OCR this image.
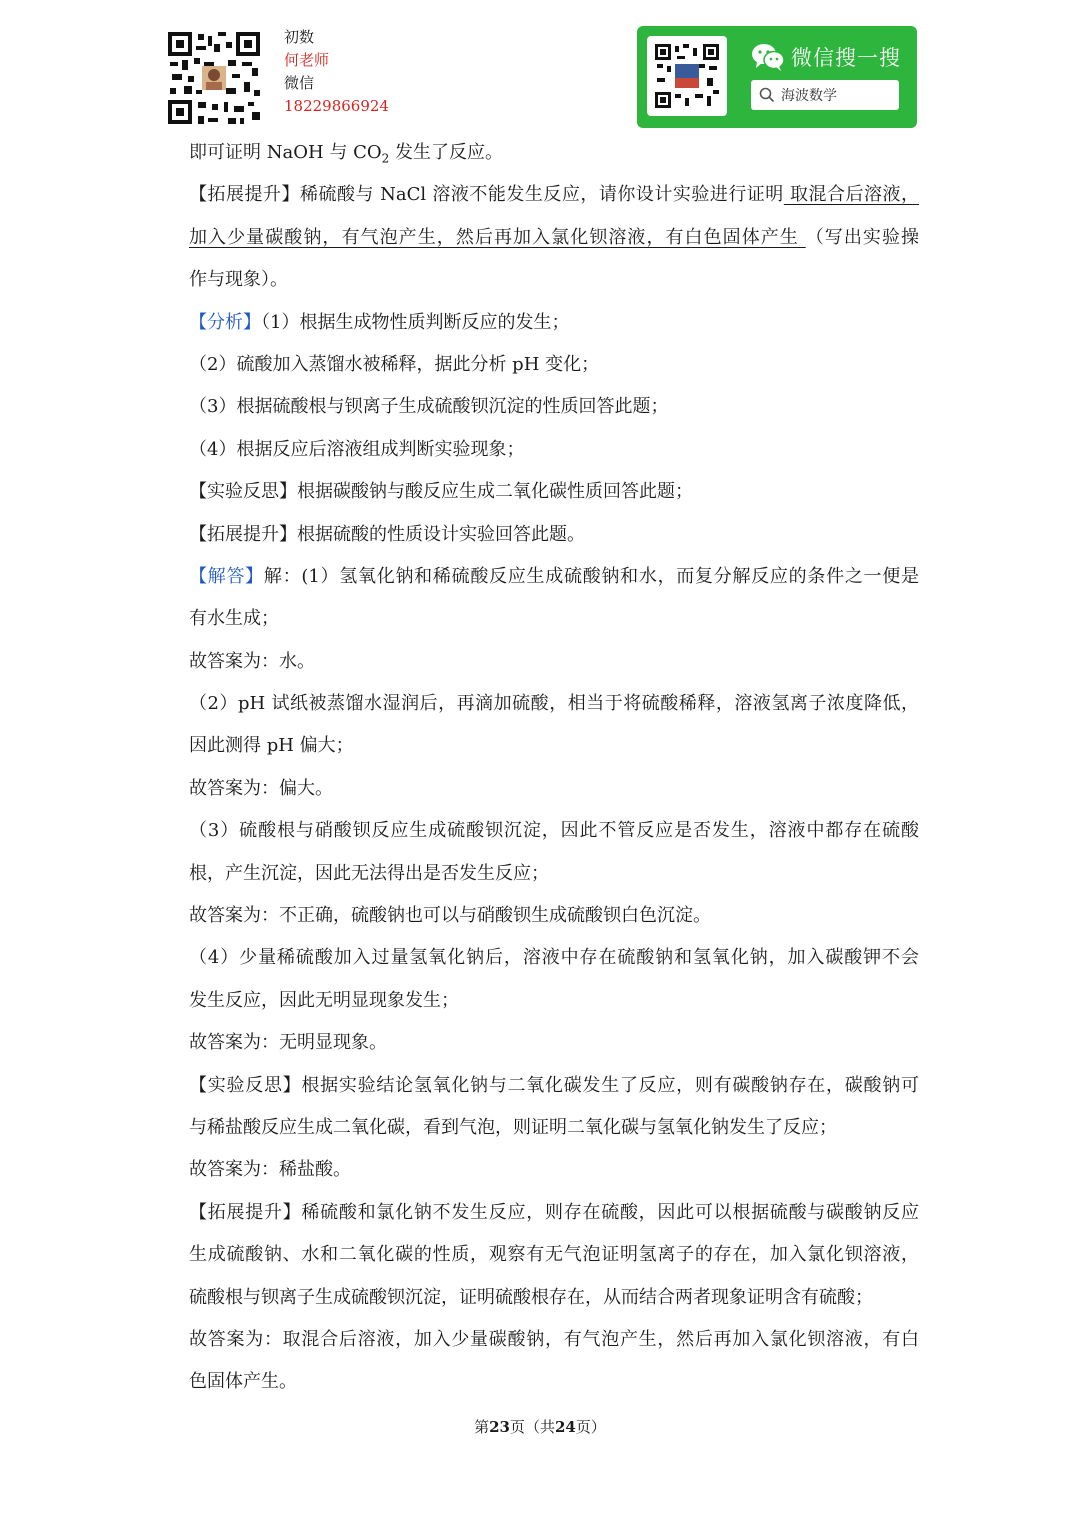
初数
何老师
微信
18229866924
微信搜一搜
海波数学
即可证明 NaOH 与 $CO_2$ 发生了反应。
【拓展提升】稀硫酸与 NaCl 溶液不能发生反应，请你设计实验进行证明 取混合后溶液，
加入少量碳酸钠，有气泡产生，然后再加入氯化钡溶液，有白色固体产生 （写出实验操
作与现象）。
【分析】（1）根据生成物性质判断反应的发生；
（2）硫酸加入蒸馏水被稀释，据此分析 pH 变化；
（3）根据硫酸根与钡离子生成硫酸钡沉淀的性质回答此题；
（4）根据反应后溶液组成判断实验现象；
【实验反思】根据碳酸钠与酸反应生成二氧化碳性质回答此题；
【拓展提升】根据硫酸的性质设计实验回答此题。
【解答】解：(1）氢氧化钠和稀硫酸反应生成硫酸钠和水，而复分解反应的条件之一便是
有水生成；
故答案为：水。
（2）pH 试纸被蒸馏水湿润后，再滴加硫酸，相当于将硫酸稀释，溶液氢离子浓度降低，
因此测得 pH 偏大；
故答案为：偏大。
（3）硫酸根与硝酸钡反应生成硫酸钡沉淀，因此不管反应是否发生，溶液中都存在硫酸
根，产生沉淀，因此无法得出是否发生反应；
故答案为：不正确，硫酸钠也可以与硝酸钡生成硫酸钡白色沉淀。
（4）少量稀硫酸加入过量氢氧化钠后，溶液中存在硫酸钠和氢氧化钠，加入碳酸钾不会
发生反应，因此无明显现象发生；
故答案为：无明显现象。
【实验反思】根据实验结论氢氧化钠与二氧化碳发生了反应，则有碳酸钠存在，碳酸钠可
与稀盐酸反应生成二氧化碳，看到气泡，则证明二氧化碳与氢氧化钠发生了反应；
故答案为：稀盐酸。
【拓展提升】稀硫酸和氯化钠不发生反应，则存在硫酸，因此可以根据硫酸与碳酸钠反应
生成硫酸钠、水和二氧化碳的性质，观察有无气泡证明氢离子的存在，加入氯化钡溶液，
硫酸根与钡离子生成硫酸钡沉淀，证明硫酸根存在，从而结合两者现象证明含有硫酸；
故答案为：取混合后溶液，加入少量碳酸钠，有气泡产生，然后再加入氯化钡溶液，有白
色固体产生。
第23页（共24页）
